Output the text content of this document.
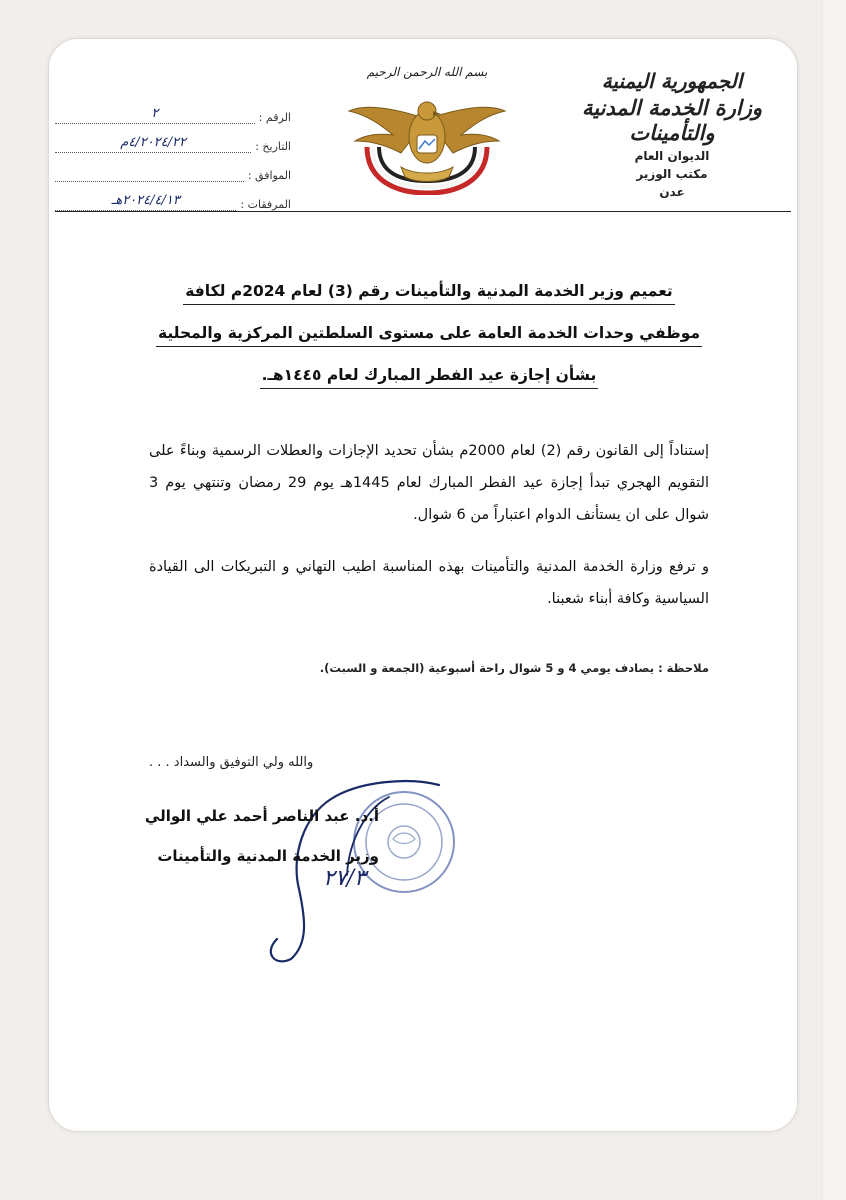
الجمهورية اليمنية
وزارة الخدمة المدنية والتأمينات
الديوان العام
مكتب الوزير
عدن
بسم الله الرحمن الرحيم
الرقم :
٢
التاريخ :
٤/٢٠٢٤/٢٢م
الموافق :
المرفقات :
٢٠٢٤/٤/١٣هـ
تعميم وزير الخدمة المدنية والتأمينات رقم (3) لعام 2024م لكافة
موظفي وحدات الخدمة العامة على مستوى السلطتين المركزية والمحلية
بشأن إجازة عيد الفطر المبارك لعام ١٤٤٥هـ.

إستناداً إلى القانون رقم (2) لعام 2000م بشأن تحديد الإجازات والعطلات الرسمية وبناءً على التقويم الهجري تبدأ إجازة عيد الفطر المبارك لعام 1445هـ يوم 29 رمضان وتنتهي يوم 3 شوال على ان يستأنف الدوام اعتباراً من 6 شوال.

و ترفع وزارة الخدمة المدنية والتأمينات بهذه المناسبة اطيب التهاني و التبريكات الى القيادة السياسية وكافة أبناء شعبنا.

ملاحظة : يصادف يومي 4 و 5 شوال راحة أسبوعية (الجمعة و السبت).
والله ولي التوفيق والسداد . . .
٢٧/٣
أ.د. عبد الناصر أحمد علي الوالي
وزير الخدمة المدنية والتأمينات
